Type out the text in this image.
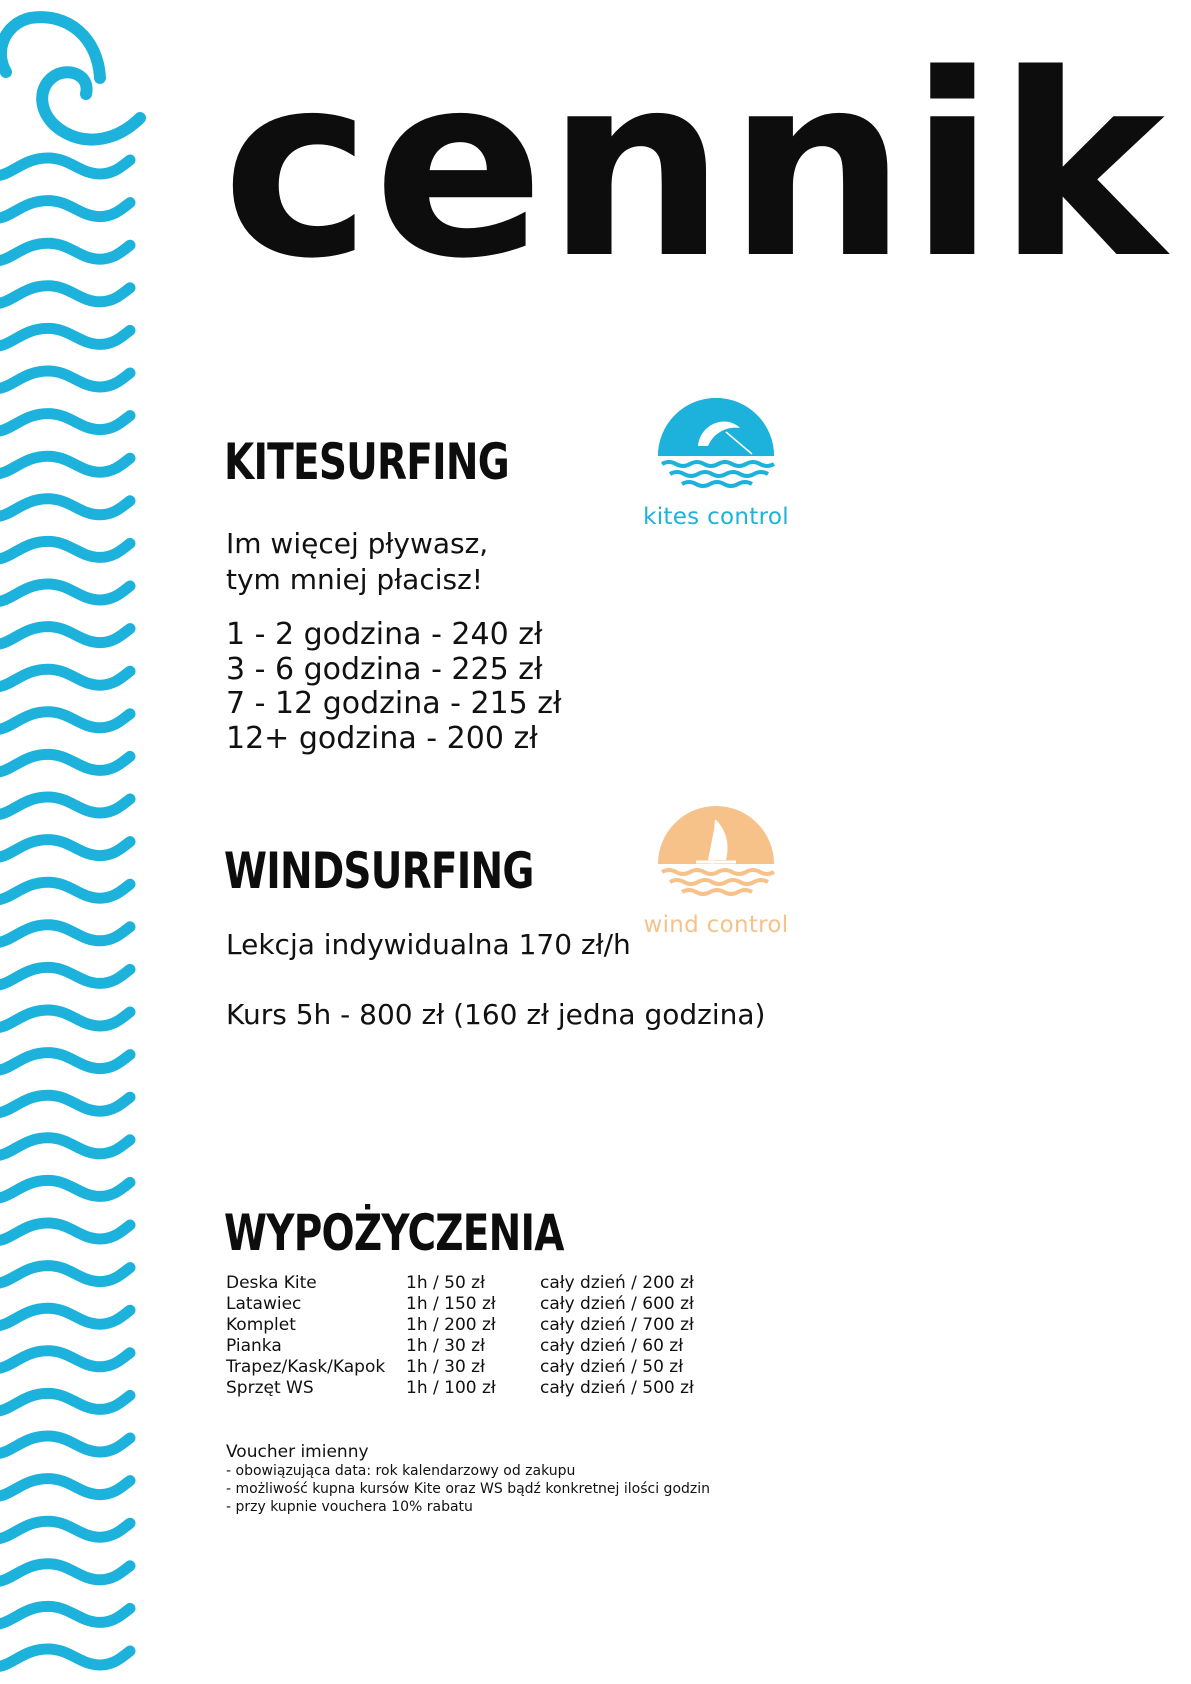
cennik
KITESURFING
kites control
Im więcej pływasz,
tym mniej płacisz!
1 - 2 godzina - 240 zł
3 - 6 godzina - 225 zł
7 - 12 godzina - 215 zł
12+ godzina - 200 zł
WINDSURFING
wind control

Lekcja indywidualna 170 zł/h

Kurs 5h - 800 zł (160 zł jedna godzina)

WYPOŻYCZENIA
Deska Kite	1h / 50 zł	cały dzień / 200 zł
Latawiec	1h / 150 zł	cały dzień / 600 zł
Komplet	1h / 200 zł	cały dzień / 700 zł
Pianka	1h / 30 zł	cały dzień / 60 zł
Trapez/Kask/Kapok	1h / 30 zł	cały dzień / 50 zł
Sprzęt WS	1h / 100 zł	cały dzień / 500 zł
Voucher imienny
- obowiązująca data: rok kalendarzowy od zakupu
- możliwość kupna kursów Kite oraz WS bądź konkretnej ilości godzin
- przy kupnie vouchera 10% rabatu
